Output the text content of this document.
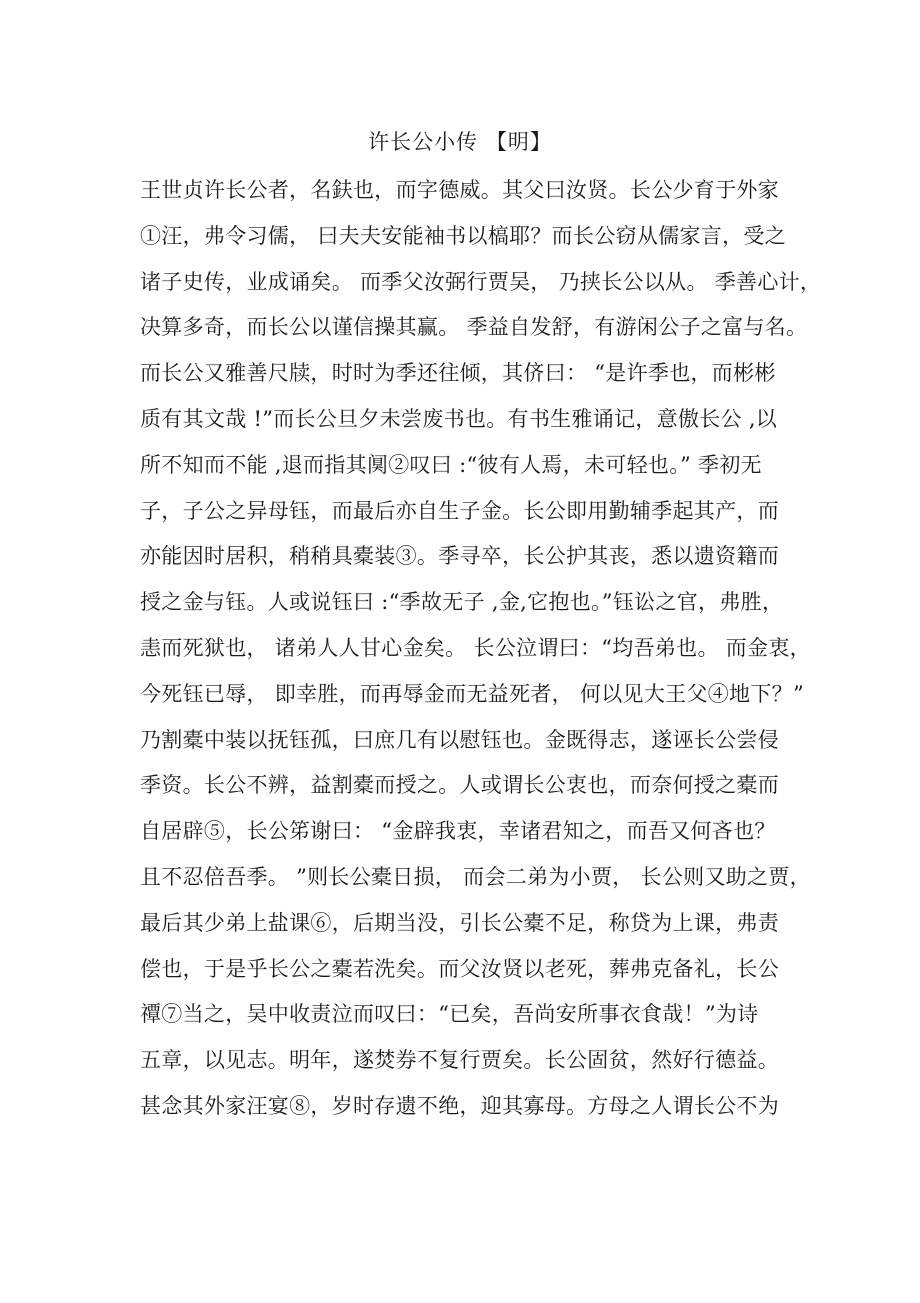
许长公小传 【明】
王世贞许长公者，名鈇也，而字德威。其父曰汝贤。长公少育于外家
①汪，弗令习儒， 曰夫夫安能袖书以槁耶？而长公窃从儒家言，受之
诸子史传，业成诵矣。 而季父汝弼行贾吴， 乃挟长公以从。 季善心计，
决算多奇，而长公以谨信操其赢。 季益自发舒，有游闲公子之富与名。
而长公又雅善尺牍，时时为季还往倾，其侪曰： “是许季也，而彬彬
质有其文哉 !”而长公旦夕未尝废书也。有书生雅诵记，意傲长公 ,以
所不知而不能 ,退而指其阒②叹曰 :“彼有人焉，未可轻也。” 季初无
子，子公之异母钰，而最后亦自生子金。长公即用勤辅季起其产，而
亦能因时居积，稍稍具橐装③。季寻卒，长公护其丧，悉以遗资籍而
授之金与钰。人或说钰曰 :“季故无子 ,金,它抱也。”钰讼之官，弗胜，
恚而死狱也， 诸弟人人甘心金矣。 长公泣谓曰：“均吾弟也。 而金衷，
今死钰已辱， 即幸胜，而再辱金而无益死者， 何以见大王父④地下？”
乃割橐中装以抚钰孤，曰庶几有以慰钰也。金既得志，遂诬长公尝侵
季资。长公不辨，益割橐而授之。人或谓长公衷也，而奈何授之橐而
自居辟⑤，长公笫谢曰： “金辟我衷，幸诸君知之，而吾又何吝也？
且不忍倍吾季。 ”则长公橐日损， 而会二弟为小贾， 长公则又助之贾，
最后其少弟上盐课⑥，后期当没，引长公橐不足，称贷为上课，弗责
偿也，于是乎长公之橐若洗矣。而父汝贤以老死，葬弗克备礼，长公
禫⑦当之，吴中收责泣而叹曰：“已矣，吾尚安所事衣食哉！”为诗
五章，以见志。明年，遂焚券不复行贾矣。长公固贫，然好行德益。
甚念其外家汪宴⑧，岁时存遗不绝，迎其寡母。方母之人谓长公不为
